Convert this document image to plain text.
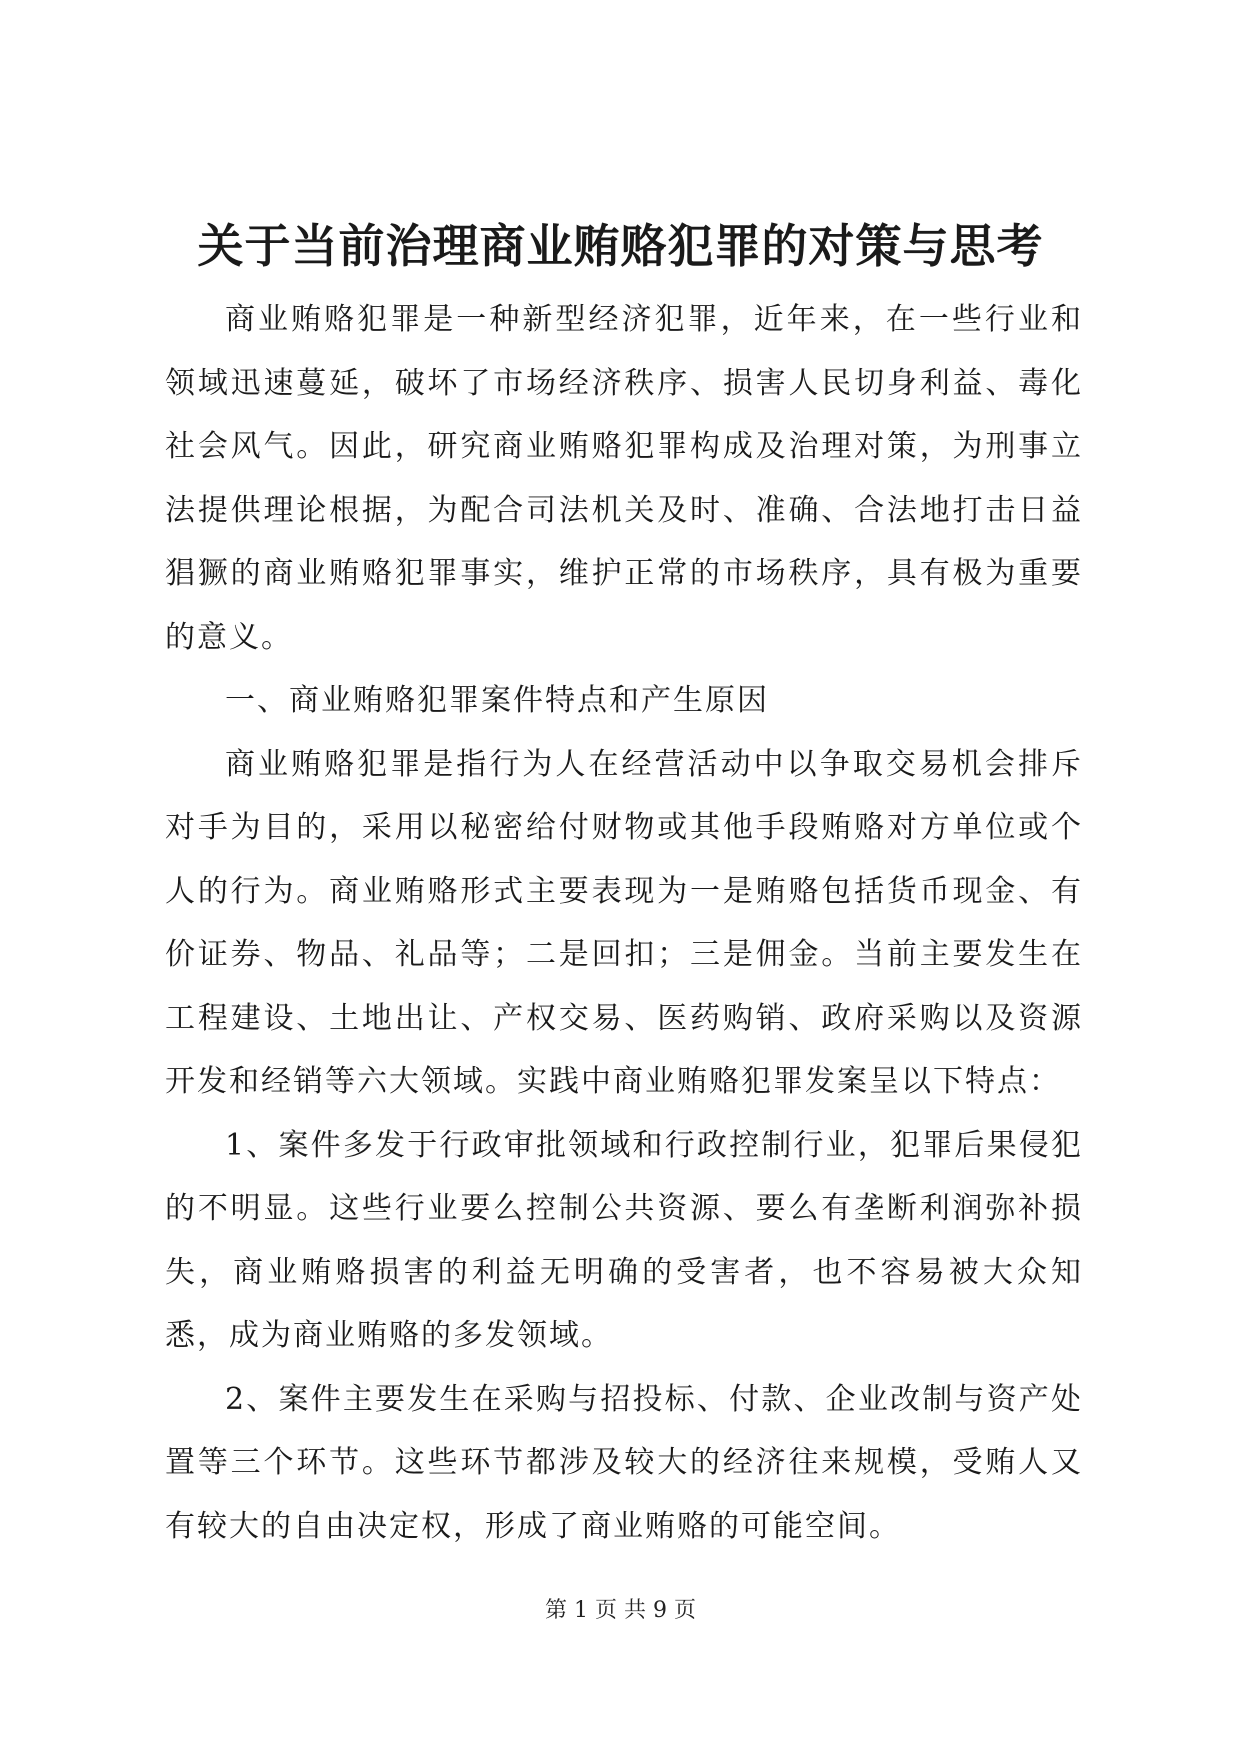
关于当前治理商业贿赂犯罪的对策与思考

商业贿赂犯罪是一种新型经济犯罪，近年来，在一些行业和领域迅速蔓延，破坏了市场经济秩序、损害人民切身利益、毒化社会风气。因此，研究商业贿赂犯罪构成及治理对策，为刑事立法提供理论根据，为配合司法机关及时、准确、合法地打击日益猖獗的商业贿赂犯罪事实，维护正常的市场秩序，具有极为重要的意义。

一、商业贿赂犯罪案件特点和产生原因

商业贿赂犯罪是指行为人在经营活动中以争取交易机会排斥对手为目的，采用以秘密给付财物或其他手段贿赂对方单位或个人的行为。商业贿赂形式主要表现为一是贿赂包括货币现金、有价证券、物品、礼品等；二是回扣；三是佣金。当前主要发生在工程建设、土地出让、产权交易、医药购销、政府采购以及资源开发和经销等六大领域。实践中商业贿赂犯罪发案呈以下特点：

1、案件多发于行政审批领域和行政控制行业，犯罪后果侵犯的不明显。这些行业要么控制公共资源、要么有垄断利润弥补损失，商业贿赂损害的利益无明确的受害者，也不容易被大众知悉，成为商业贿赂的多发领域。

2、案件主要发生在采购与招投标、付款、企业改制与资产处置等三个环节。这些环节都涉及较大的经济往来规模，受贿人又有较大的自由决定权，形成了商业贿赂的可能空间。

第 1 页 共 9 页
